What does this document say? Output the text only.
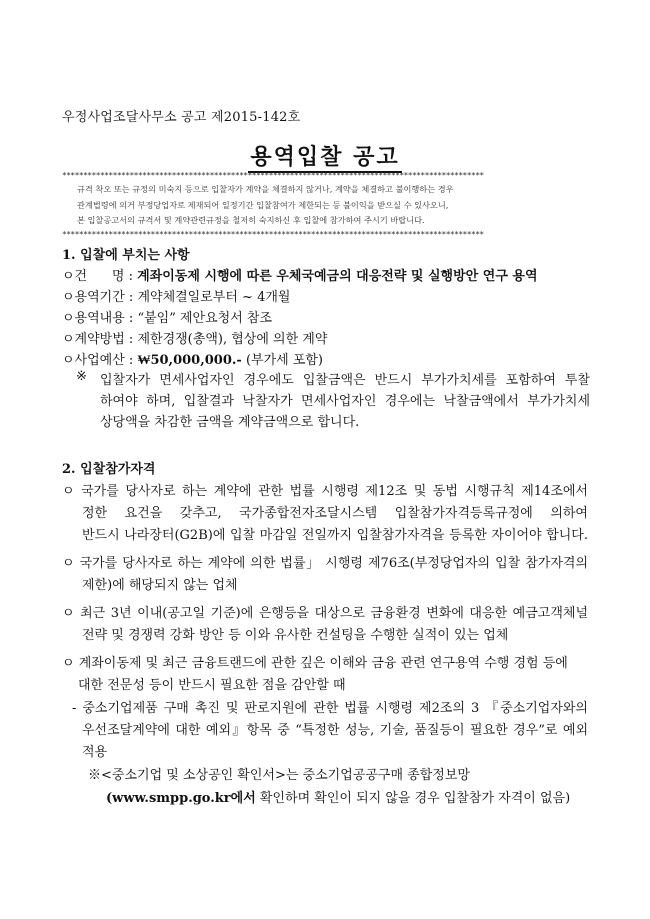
우정사업조달사무소 공고 제2015-142호
용역입찰 공고
****************************************************************************************************
규격 착오 또는 규정의 미숙지 등으로 입찰자가 계약을 체결하지 않거나, 계약을 체결하고 불이행하는 경우
관계법령에 의거 부정당업자로 제재되어 일정기간 입찰참여가 제한되는 등 불이익을 받으실 수 있사오니,
본 입찰공고서의 규격서 및 계약관련규정을 철저히 숙지하신 후 입찰에 참가하여 주시기 바랍니다.
****************************************************************************************************
1. 입찰에 부치는 사항
ㅇ건      명 : 계좌이동제 시행에 따른 우체국예금의 대응전략 및 실행방안 연구 용역
ㅇ용역기간 : 계약체결일로부터 ~ 4개월
ㅇ용역내용 : “붙임” 제안요청서 참조
ㅇ계약방법 : 제한경쟁(총액), 협상에 의한 계약
ㅇ사업예산 : ₩50,000,000.- (부가세 포함)
※ 입찰자가 면세사업자인 경우에도 입찰금액은 반드시 부가가치세를 포함하여 투찰
하여야 하며, 입찰결과 낙찰자가 면세사업자인 경우에는 낙찰금액에서 부가가치세
상당액을 차감한 금액을 계약금액으로 합니다.
2. 입찰참가자격
ㅇ 국가를 당사자로 하는 계약에 관한 법률 시행령 제12조 및 동법 시행규칙 제14조에서
정한 요건을 갖추고, 국가종합전자조달시스템 입찰참가자격등록규정에 의하여
반드시 나라장터(G2B)에 입찰 마감일 전일까지 입찰참가자격을 등록한 자이어야 합니다.
ㅇ 국가를 당사자로 하는 계약에 의한 법률」 시행령 제76조(부정당업자의 입찰 참가자격의
제한)에 해당되지 않는 업체
ㅇ 최근 3년 이내(공고일 기준)에 은행등을 대상으로 금융환경 변화에 대응한 예금고객체널
전략 및 경쟁력 강화 방안 등 이와 유사한 컨설팅을 수행한 실적이 있는 업체
ㅇ 계좌이동제 및 최근 금융트랜드에 관한 깊은 이해와 금융 관련 연구용역 수행 경험 등에
대한 전문성 등이 반드시 필요한 점을 감안할 때
- 중소기업제품 구매 촉진 및 판로지원에 관한 법률 시행령 제2조의 3 『중소기업자와의
우선조달계약에 대한 예외』항목 중 “특정한 성능, 기술, 품질등이 필요한 경우”로 예외
적용
※<중소기업 및 소상공인 확인서>는 중소기업공공구매 종합정보망
(www.smpp.go.kr에서 확인하며 확인이 되지 않을 경우 입찰참가 자격이 없음)
